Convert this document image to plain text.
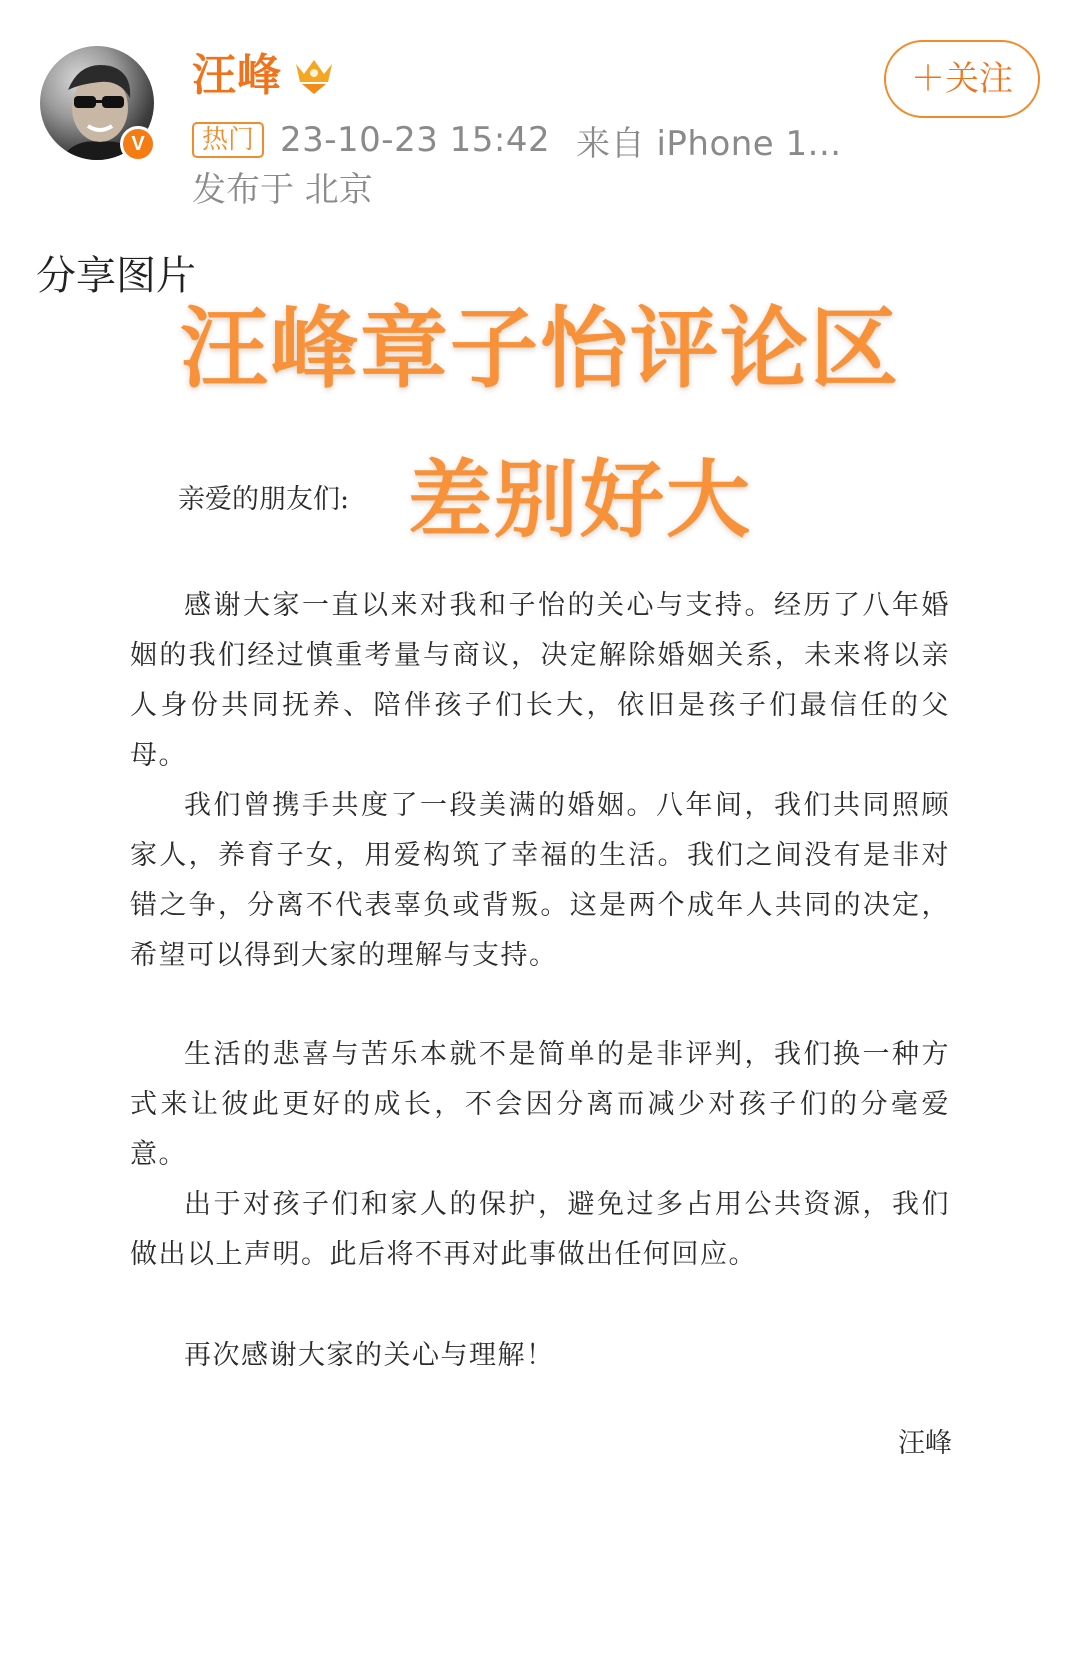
V
汪峰
热门 23-10-23 15:42 来自 iPhone 1...
发布于 北京
＋关注
分享图片
汪峰章子怡评论区
亲爱的朋友们: 差别好大

感谢大家一直以来对我和子怡的关心与支持。经历了八年婚姻的我们经过慎重考量与商议，决定解除婚姻关系，未来将以亲人身份共同抚养、陪伴孩子们长大，依旧是孩子们最信任的父母。

我们曾携手共度了一段美满的婚姻。八年间，我们共同照顾家人，养育子女，用爱构筑了幸福的生活。我们之间没有是非对错之争，分离不代表辜负或背叛。这是两个成年人共同的决定，希望可以得到大家的理解与支持。

生活的悲喜与苦乐本就不是简单的是非评判，我们换一种方式来让彼此更好的成长，不会因分离而减少对孩子们的分毫爱意。

出于对孩子们和家人的保护，避免过多占用公共资源，我们做出以上声明。此后将不再对此事做出任何回应。

再次感谢大家的关心与理解！

汪峰
